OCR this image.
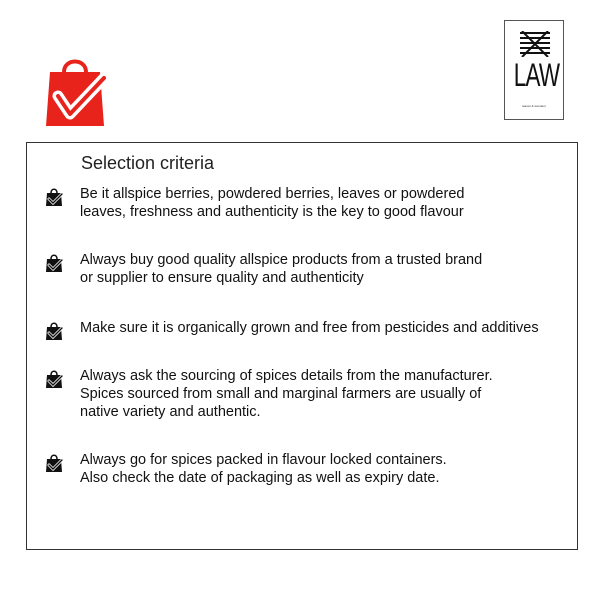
LAW
leaves & wonders
Selection criteria
Be it allspice berries, powdered berries, leaves or powdered
leaves, freshness and authenticity is the key to good flavour
Always buy good quality allspice products from a trusted brand
or supplier to ensure quality and authenticity
Make sure it is organically grown and free from pesticides and additives
Always ask the sourcing of spices details from the manufacturer.
Spices sourced from small and marginal farmers are usually of
native variety and authentic.
Always go for spices packed in flavour locked containers.
Also check the date of packaging as well as expiry date.
